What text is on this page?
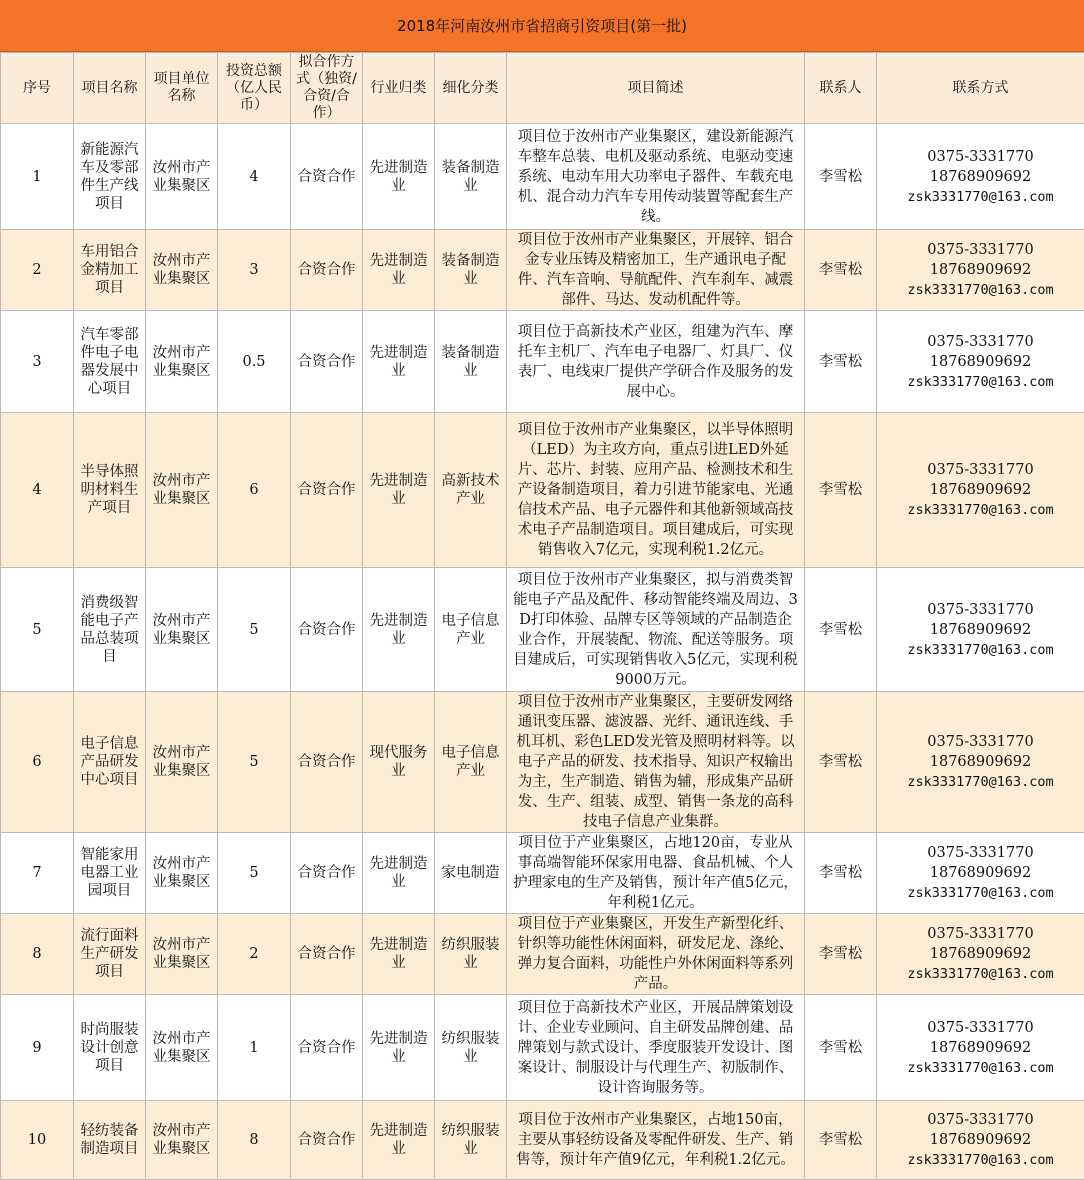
2018年河南汝州市省招商引资项目(第一批)
序号	项目名称	项目单位名称	投资总额（亿人民币）	拟合作方式（独资/合资/合作）	行业归类	细化分类	项目简述	联系人	联系方式
1	新能源汽车及零部件生产线项目	汝州市产业集聚区	4	合资合作	先进制造业	装备制造业	项目位于汝州市产业集聚区，建设新能源汽车整车总装、电机及驱动系统、电驱动变速系统、电动车用大功率电子器件、车载充电机、混合动力汽车专用传动装置等配套生产线。	李雪松	0375-3331770
18768909692
zsk3331770@163.com

2	车用铝合金精加工项目	汝州市产业集聚区	3	合资合作	先进制造业	装备制造业	项目位于汝州市产业集聚区，开展锌、铝合金专业压铸及精密加工，生产通讯电子配件、汽车音响、导航配件、汽车刹车、减震部件、马达、发动机配件等。	李雪松	0375-3331770
18768909692
zsk3331770@163.com

3	汽车零部件电子电器发展中心项目	汝州市产业集聚区	0.5	合资合作	先进制造业	装备制造业	项目位于高新技术产业区，组建为汽车、摩托车主机厂、汽车电子电器厂、灯具厂、仪表厂、电线束厂提供产学研合作及服务的发展中心。	李雪松	0375-3331770
18768909692
zsk3331770@163.com

4	半导体照明材料生产项目	汝州市产业集聚区	6	合资合作	先进制造业	高新技术产业	项目位于汝州市产业集聚区，以半导体照明（LED）为主攻方向，重点引进LED外延片、芯片、封装、应用产品、检测技术和生产设备制造项目，着力引进节能家电、光通信技术产品、电子元器件和其他新领域高技术电子产品制造项目。项目建成后，可实现销售收入7亿元，实现利税1.2亿元。	李雪松	0375-3331770
18768909692
zsk3331770@163.com

5	消费级智能电子产品总装项目	汝州市产业集聚区	5	合资合作	先进制造业	电子信息产业	项目位于汝州市产业集聚区，拟与消费类智能电子产品及配件、移动智能终端及周边、3D打印体验、品牌专区等领域的产品制造企业合作，开展装配、物流、配送等服务。项目建成后，可实现销售收入5亿元，实现利税9000万元。	李雪松	0375-3331770
18768909692
zsk3331770@163.com

6	电子信息产品研发中心项目	汝州市产业集聚区	5	合资合作	现代服务业	电子信息产业	项目位于汝州市产业集聚区，主要研发网络通讯变压器、滤波器、光纤、通讯连线、手机耳机、彩色LED发光管及照明材料等。以电子产品的研发、技术指导、知识产权输出为主，生产制造、销售为辅，形成集产品研发、生产、组装、成型、销售一条龙的高科技电子信息产业集群。	李雪松	0375-3331770
18768909692
zsk3331770@163.com

7	智能家用电器工业园项目	汝州市产业集聚区	5	合资合作	先进制造业	家电制造	项目位于产业集聚区，占地120亩，专业从事高端智能环保家用电器、食品机械、个人护理家电的生产及销售，预计年产值5亿元，年利税1亿元。	李雪松	0375-3331770
18768909692
zsk3331770@163.com

8	流行面料生产研发项目	汝州市产业集聚区	2	合资合作	先进制造业	纺织服装业	项目位于产业集聚区，开发生产新型化纤、针织等功能性休闲面料，研发尼龙、涤纶、弹力复合面料，功能性户外休闲面料等系列产品。	李雪松	0375-3331770
18768909692
zsk3331770@163.com

9	时尚服装设计创意项目	汝州市产业集聚区	1	合资合作	先进制造业	纺织服装业	项目位于高新技术产业区，开展品牌策划设计、企业专业顾问、自主研发品牌创建、品牌策划与款式设计、季度服装开发设计、图案设计、制服设计与代理生产、初版制作、设计咨询服务等。	李雪松	0375-3331770
18768909692
zsk3331770@163.com

10	轻纺装备制造项目	汝州市产业集聚区	8	合资合作	先进制造业	纺织服装业	项目位于汝州市产业集聚区，占地150亩，主要从事轻纺设备及零配件研发、生产、销售等，预计年产值9亿元，年利税1.2亿元。	李雪松	0375-3331770
18768909692
zsk3331770@163.com
